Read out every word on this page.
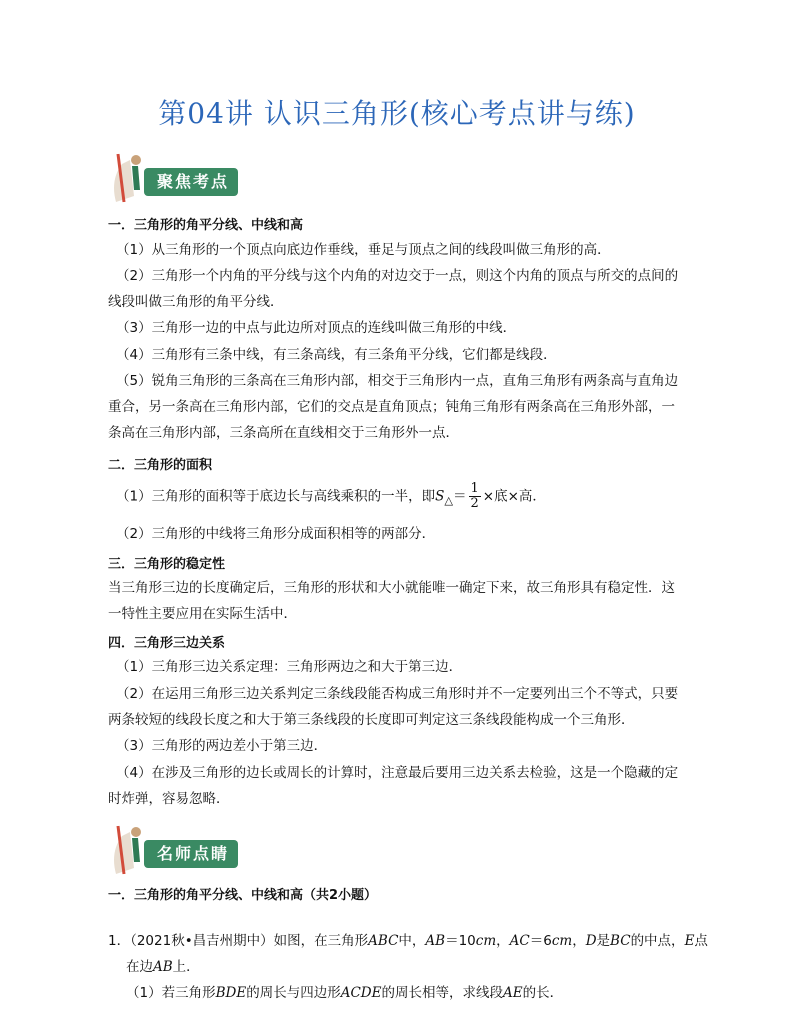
第04讲 认识三角形(核心考点讲与练)
聚焦考点
一．三角形的角平分线、中线和高
（1）从三角形的一个顶点向底边作垂线，垂足与顶点之间的线段叫做三角形的高．
（2）三角形一个内角的平分线与这个内角的对边交于一点，则这个内角的顶点与所交的点间的
线段叫做三角形的角平分线．
（3）三角形一边的中点与此边所对顶点的连线叫做三角形的中线．
（4）三角形有三条中线，有三条高线，有三条角平分线，它们都是线段．
（5）锐角三角形的三条高在三角形内部，相交于三角形内一点，直角三角形有两条高与直角边
重合，另一条高在三角形内部，它们的交点是直角顶点；钝角三角形有两条高在三角形外部，一
条高在三角形内部，三条高所在直线相交于三角形外一点．
二．三角形的面积
（1）三角形的面积等于底边长与高线乘积的一半，即$S_\triangle= \frac{1}{2}$ ×底×高．
（2）三角形的中线将三角形分成面积相等的两部分．
三．三角形的稳定性
当三角形三边的长度确定后，三角形的形状和大小就能唯一确定下来，故三角形具有稳定性．这
一特性主要应用在实际生活中．
四．三角形三边关系
（1）三角形三边关系定理：三角形两边之和大于第三边．
（2）在运用三角形三边关系判定三条线段能否构成三角形时并不一定要列出三个不等式，只要
两条较短的线段长度之和大于第三条线段的长度即可判定这三条线段能构成一个三角形．
（3）三角形的两边差小于第三边．
（4）在涉及三角形的边长或周长的计算时，注意最后要用三边关系去检验，这是一个隐藏的定
时炸弹，容易忽略．
名师点睛
一．三角形的角平分线、中线和高（共2小题）
1．（2021秋•昌吉州期中）如图，在三角形ABC中，AB＝10cm，AC＝6cm，D是BC的中点，E点
在边AB上．
（1）若三角形BDE的周长与四边形ACDE的周长相等，求线段AE的长．
